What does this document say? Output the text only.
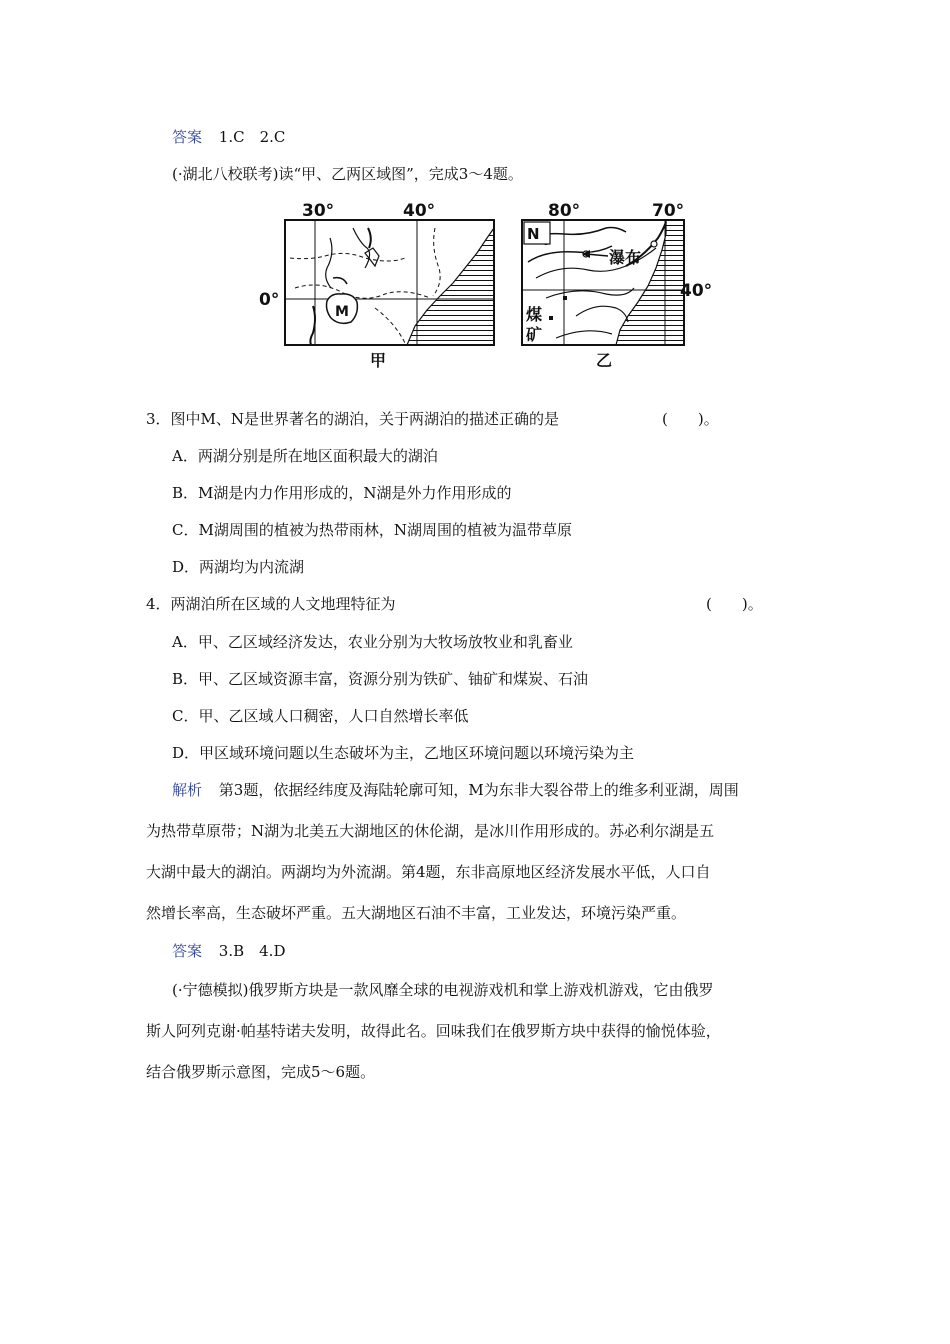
答案 1.C　2.C
(·湖北八校联考)读“甲、乙两区域图”，完成3～4题。
M
30°	40°
0°
甲
N
瀑布
煤
矿
80°	70°
40°
乙
3．图中M、N是世界著名的湖泊，关于两湖泊的描述正确的是	(　　)。
A．两湖分别是所在地区面积最大的湖泊
B．M湖是内力作用形成的，N湖是外力作用形成的
C．M湖周围的植被为热带雨林，N湖周围的植被为温带草原
D．两湖均为内流湖
4．两湖泊所在区域的人文地理特征为	(　　)。
A．甲、乙区域经济发达，农业分别为大牧场放牧业和乳畜业
B．甲、乙区域资源丰富，资源分别为铁矿、铀矿和煤炭、石油
C．甲、乙区域人口稠密，人口自然增长率低
D．甲区域环境问题以生态破坏为主，乙地区环境问题以环境污染为主
解析 第3题，依据经纬度及海陆轮廓可知，M为东非大裂谷带上的维多利亚湖，周围
为热带草原带；N湖为北美五大湖地区的休伦湖，是冰川作用形成的。苏必利尔湖是五
大湖中最大的湖泊。两湖均为外流湖。第4题，东非高原地区经济发展水平低，人口自
然增长率高，生态破坏严重。五大湖地区石油不丰富，工业发达，环境污染严重。
答案 3.B　4.D
(·宁德模拟)俄罗斯方块是一款风靡全球的电视游戏机和掌上游戏机游戏，它由俄罗
斯人阿列克谢·帕基特诺夫发明，故得此名。回味我们在俄罗斯方块中获得的愉悦体验，
结合俄罗斯示意图，完成5～6题。
